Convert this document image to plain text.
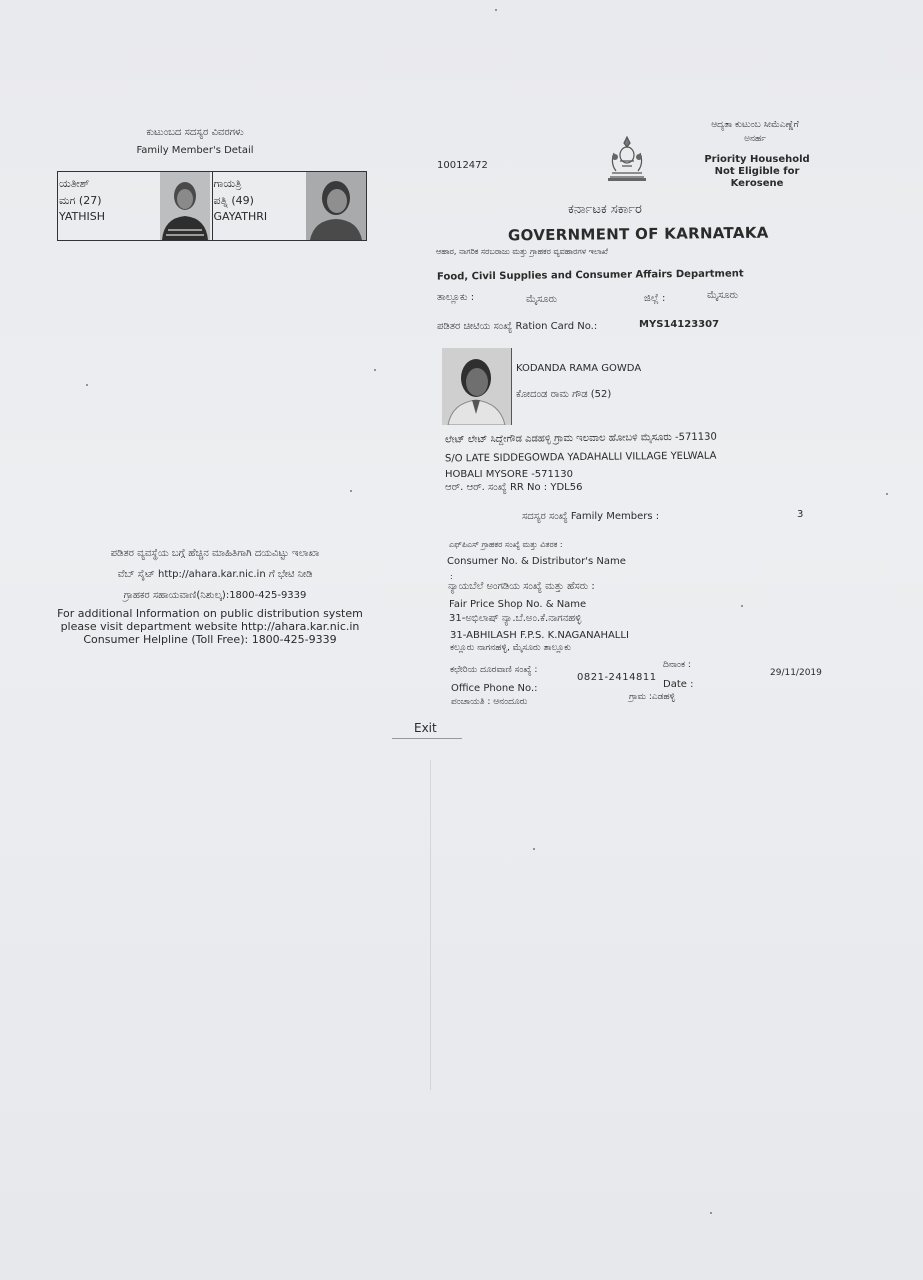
ಕುಟುಂಬದ ಸದಸ್ಯರ ವಿವರಗಳು
Family Member's Detail
ಯತೀಶ್
ಮಗ (27)
YATHISH
ಗಾಯತ್ರಿ
ಪತ್ನಿ (49)
GAYATHRI
ಪಡಿತರ ವ್ಯವಸ್ಥೆಯ ಬಗ್ಗೆ ಹೆಚ್ಚಿನ ಮಾಹಿತಿಗಾಗಿ ದಯವಿಟ್ಟು ಇಲಾಖಾ
ವೆಬ್ ಸೈಟ್ http://ahara.kar.nic.in ಗೆ ಭೇಟಿ ನೀಡಿ
ಗ್ರಾಹಕರ ಸಹಾಯವಾಣಿ(ನಿಶುಲ್ಕ):1800-425-9339
For additional Information on public distribution system
please visit department website http://ahara.kar.nic.in
Consumer Helpline (Toll Free): 1800-425-9339
10012472
ಆದ್ಯತಾ ಕುಟುಂಬ ಸೀಮೆಎಣ್ಣೆಗೆ
ಅನರ್ಹ
Priority Household Not Eligible for Kerosene
ಕರ್ನಾಟಕ ಸರ್ಕಾರ
GOVERNMENT OF KARNATAKA
ಆಹಾರ, ನಾಗರಿಕ ಸರಬರಾಜು ಮತ್ತು ಗ್ರಾಹಕರ ವ್ಯವಹಾರಗಳ ಇಲಾಖೆ
Food, Civil Supplies and Consumer Affairs Department
ತಾಲ್ಲೂಕು :	ಮೈಸೂರು	ಜಿಲ್ಲೆ :	ಮೈಸೂರು
ಪಡಿತರ ಚೀಟಿಯ ಸಂಖ್ಯೆ Ration Card No.:	MYS14123307
KODANDA RAMA GOWDA
ಕೋದಂಡ ರಾಮ ಗೌಡ (52)
ಲೇಟ್ ಲೇಟ್ ಸಿದ್ದೇಗೌಡ ಎಡಹಳ್ಳಿ ಗ್ರಾಮ ಇಲವಾಲ ಹೋಬಳಿ ಮೈಸೂರು -571130
S/O LATE SIDDEGOWDA YADAHALLI VILLAGE YELWALA
HOBALI MYSORE -571130
ಆರ್. ಆರ್. ಸಂಖ್ಯೆ RR No : YDL56
ಸದಸ್ಯರ ಸಂಖ್ಯೆ Family Members :	3
ಎಫ್‌ಪಿಎಸ್ ಗ್ರಾಹಕರ ಸಂಖ್ಯೆ ಮತ್ತು ವಿತರಕ :
Consumer No. & Distributor's Name
:
ನ್ಯಾಯಬೆಲೆ ಅಂಗಡಿಯ ಸಂಖ್ಯೆ ಮತ್ತು ಹೆಸರು :
Fair Price Shop No. & Name
31-ಅಭಿಲಾಷ್ ನ್ಯಾ.ಬೆ.ಅಂ.ಕೆ.ನಾಗನಹಳ್ಳಿ
31-ABHILASH F.P.S. K.NAGANAHALLI
ಕಲ್ಲೂರು ನಾಗನಹಳ್ಳಿ, ಮೈಸೂರು ತಾಲ್ಲೂಕು
ಕಛೇರಿಯ ದೂರವಾಣಿ ಸಂಖ್ಯೆ :
0821-2414811
Office Phone No.:
ಪಂಚಾಯತಿ : ಆನಂದೂರು
ದಿನಾಂಕ :
Date :
29/11/2019
ಗ್ರಾಮ :ಎಡಹಳ್ಳಿ
Exit
